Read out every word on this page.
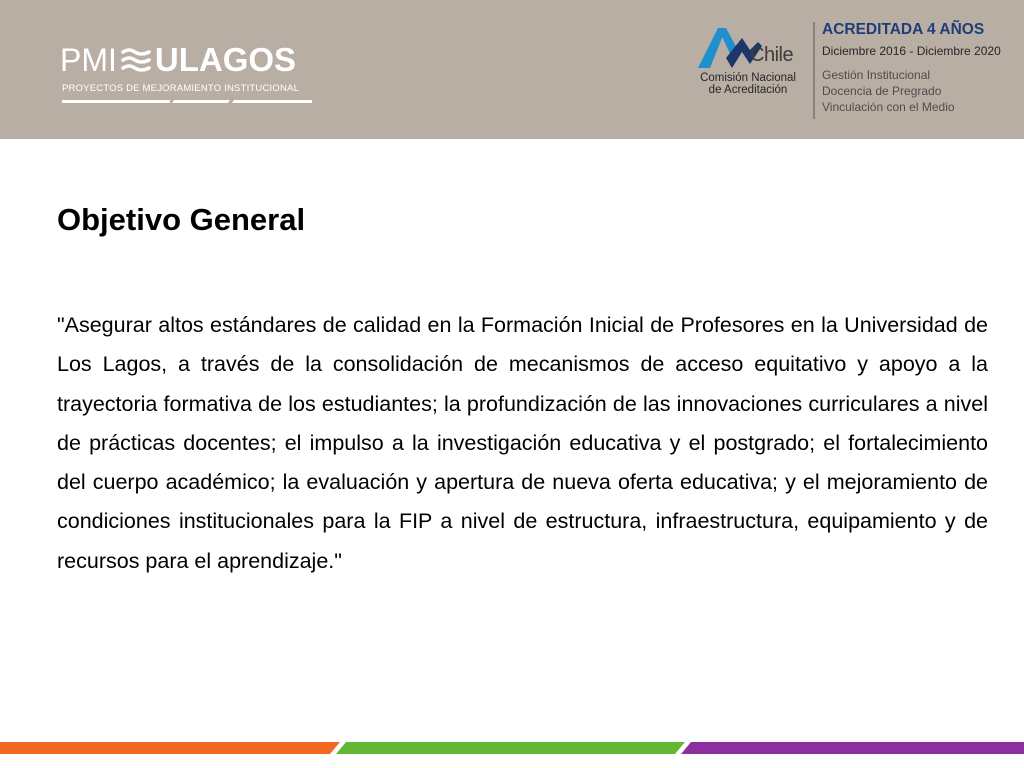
PMI ULAGOS
PROYECTOS DE MEJORAMIENTO INSTITUCIONAL
Chile
Comisión Nacional
de Acreditación
ACREDITADA 4 AÑOS
Diciembre 2016 - Diciembre 2020
Gestión Institucional
Docencia de Pregrado
Vinculación con el Medio
Objetivo General

"Asegurar altos estándares de calidad en la Formación Inicial de Profesores en la Universidad de Los Lagos, a través de la consolidación de mecanismos de acceso equitativo y apoyo a la trayectoria formativa de los estudiantes; la profundización de las innovaciones curriculares a nivel de prácticas docentes; el impulso a la investigación educativa y el postgrado; el fortalecimiento del cuerpo académico; la evaluación y apertura de nueva oferta educativa; y el mejoramiento de condiciones institucionales para la FIP a nivel de estructura, infraestructura, equipamiento y de recursos para el aprendizaje."
